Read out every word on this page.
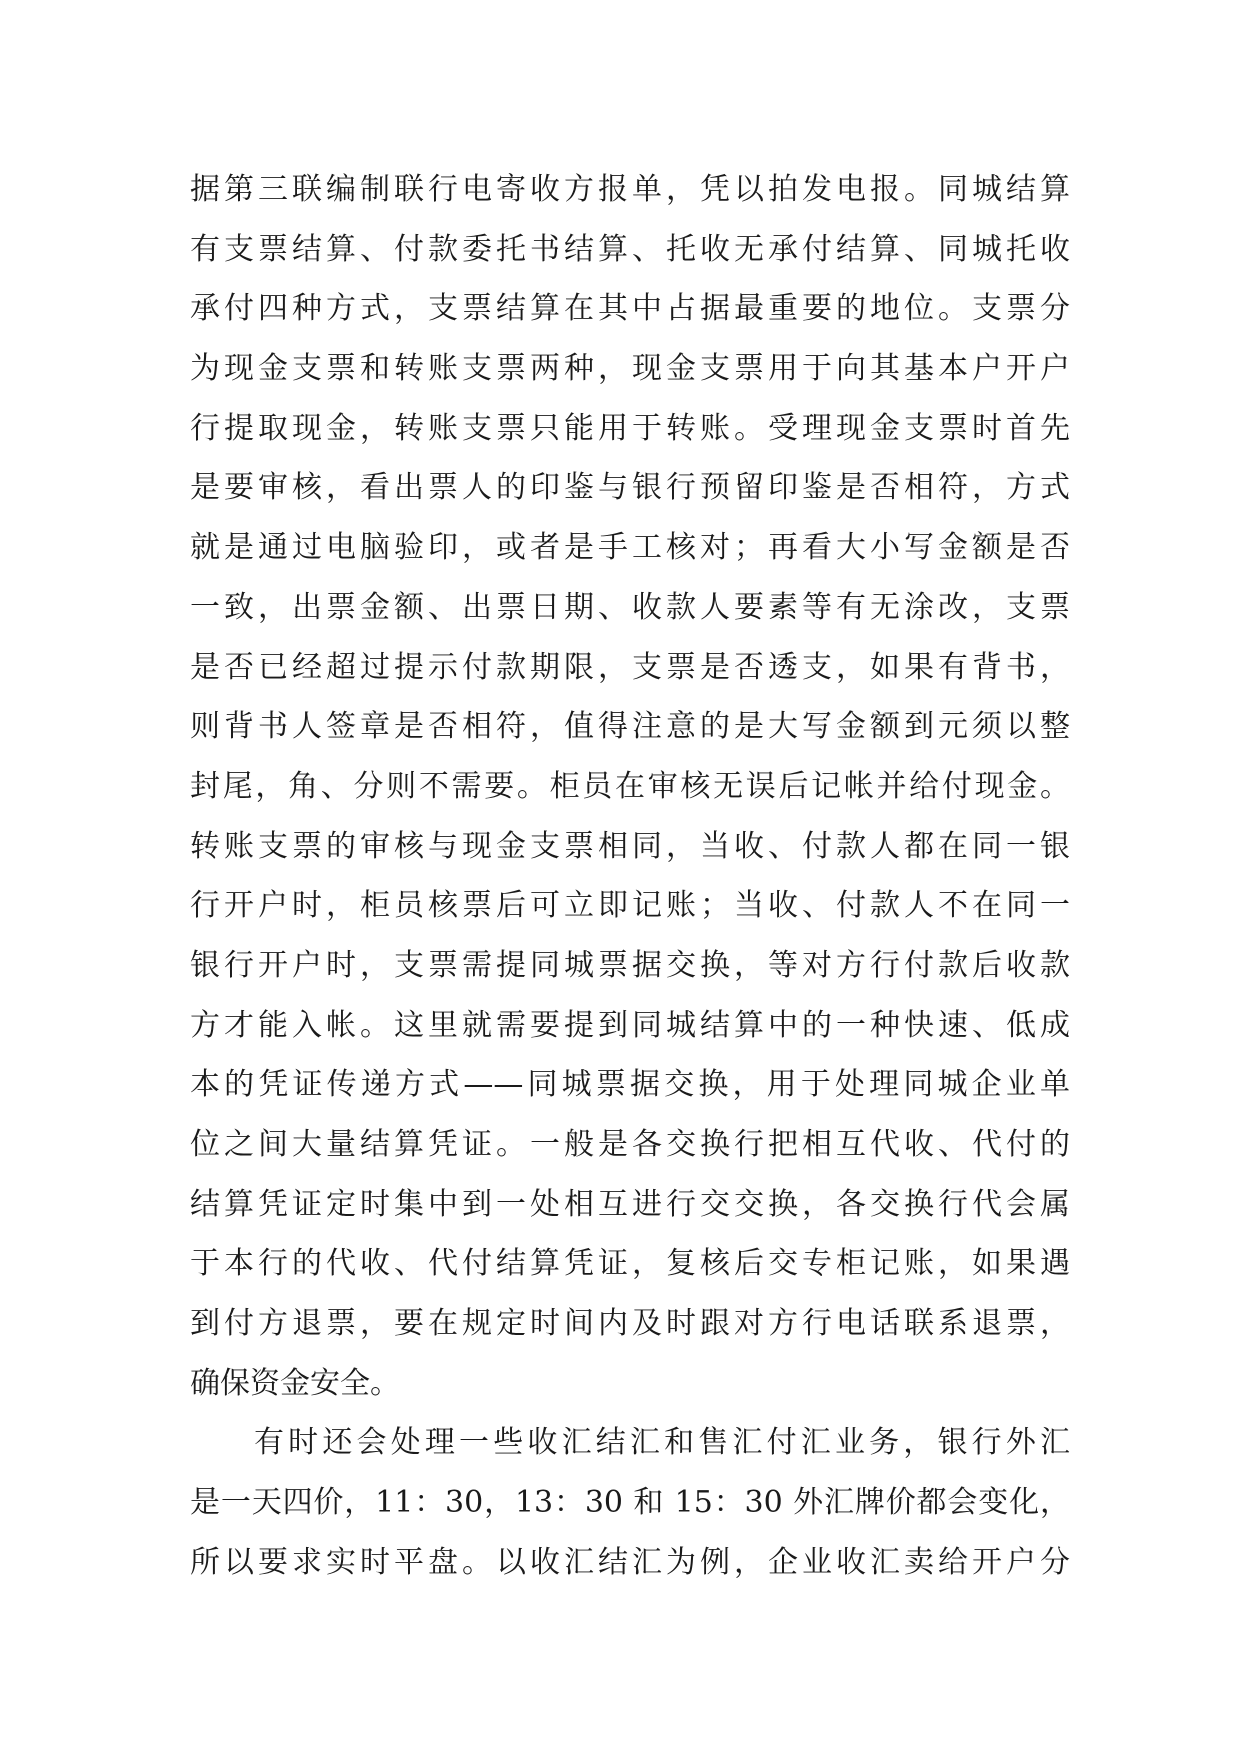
据第三联编制联行电寄收方报单，凭以拍发电报。同城结算
有支票结算、付款委托书结算、托收无承付结算、同城托收
承付四种方式，支票结算在其中占据最重要的地位。支票分
为现金支票和转账支票两种，现金支票用于向其基本户开户
行提取现金，转账支票只能用于转账。受理现金支票时首先
是要审核，看出票人的印鉴与银行预留印鉴是否相符，方式
就是通过电脑验印，或者是手工核对；再看大小写金额是否
一致，出票金额、出票日期、收款人要素等有无涂改，支票
是否已经超过提示付款期限，支票是否透支，如果有背书，
则背书人签章是否相符，值得注意的是大写金额到元须以整
封尾，角、分则不需要。柜员在审核无误后记帐并给付现金。
转账支票的审核与现金支票相同，当收、付款人都在同一银
行开户时，柜员核票后可立即记账；当收、付款人不在同一
银行开户时，支票需提同城票据交换，等对方行付款后收款
方才能入帐。这里就需要提到同城结算中的一种快速、低成
本的凭证传递方式——同城票据交换，用于处理同城企业单
位之间大量结算凭证。一般是各交换行把相互代收、代付的
结算凭证定时集中到一处相互进行交交换，各交换行代会属
于本行的代收、代付结算凭证，复核后交专柜记账，如果遇
到付方退票，要在规定时间内及时跟对方行电话联系退票，
确保资金安全。
有时还会处理一些收汇结汇和售汇付汇业务，银行外汇
是一天四价，11：30，13：30 和 15：30 外汇牌价都会变化，
所以要求实时平盘。以收汇结汇为例，企业收汇卖给开户分
